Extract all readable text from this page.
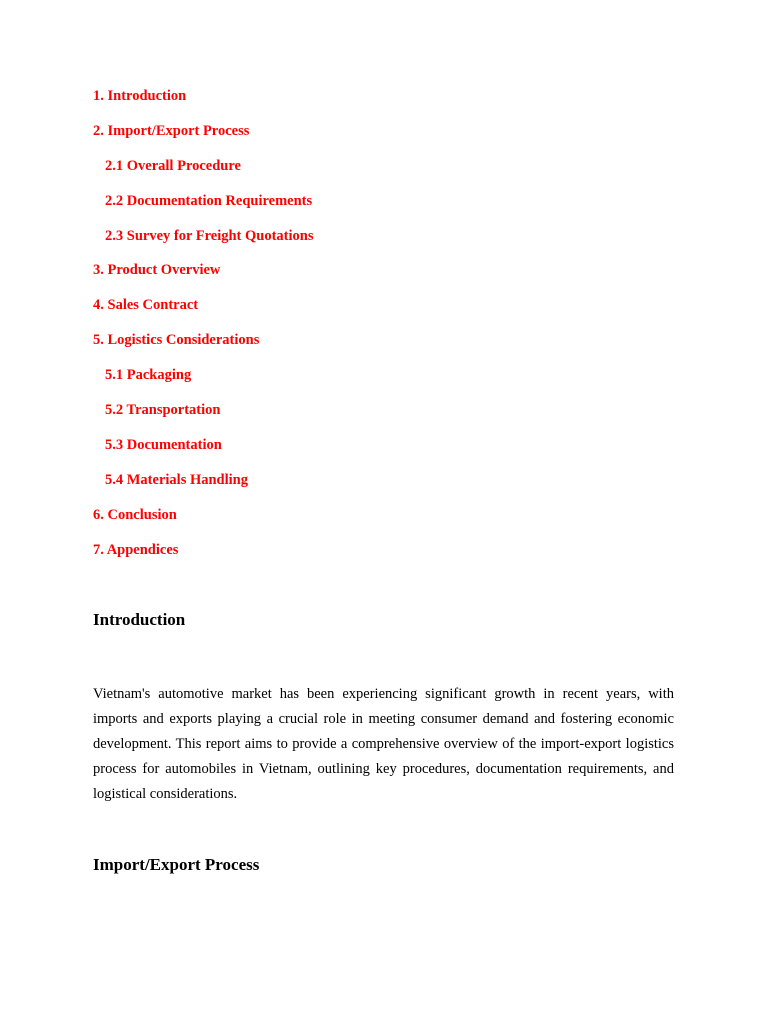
1. Introduction
2. Import/Export Process
2.1 Overall Procedure
2.2 Documentation Requirements
2.3 Survey for Freight Quotations
3. Product Overview
4. Sales Contract
5. Logistics Considerations
5.1 Packaging
5.2 Transportation
5.3 Documentation
5.4 Materials Handling
6. Conclusion
7. Appendices
Introduction
Vietnam's automotive market has been experiencing significant growth in recent years, with imports and exports playing a crucial role in meeting consumer demand and fostering economic development. This report aims to provide a comprehensive overview of the import-export logistics process for automobiles in Vietnam, outlining key procedures, documentation requirements, and logistical considerations.
Import/Export Process
